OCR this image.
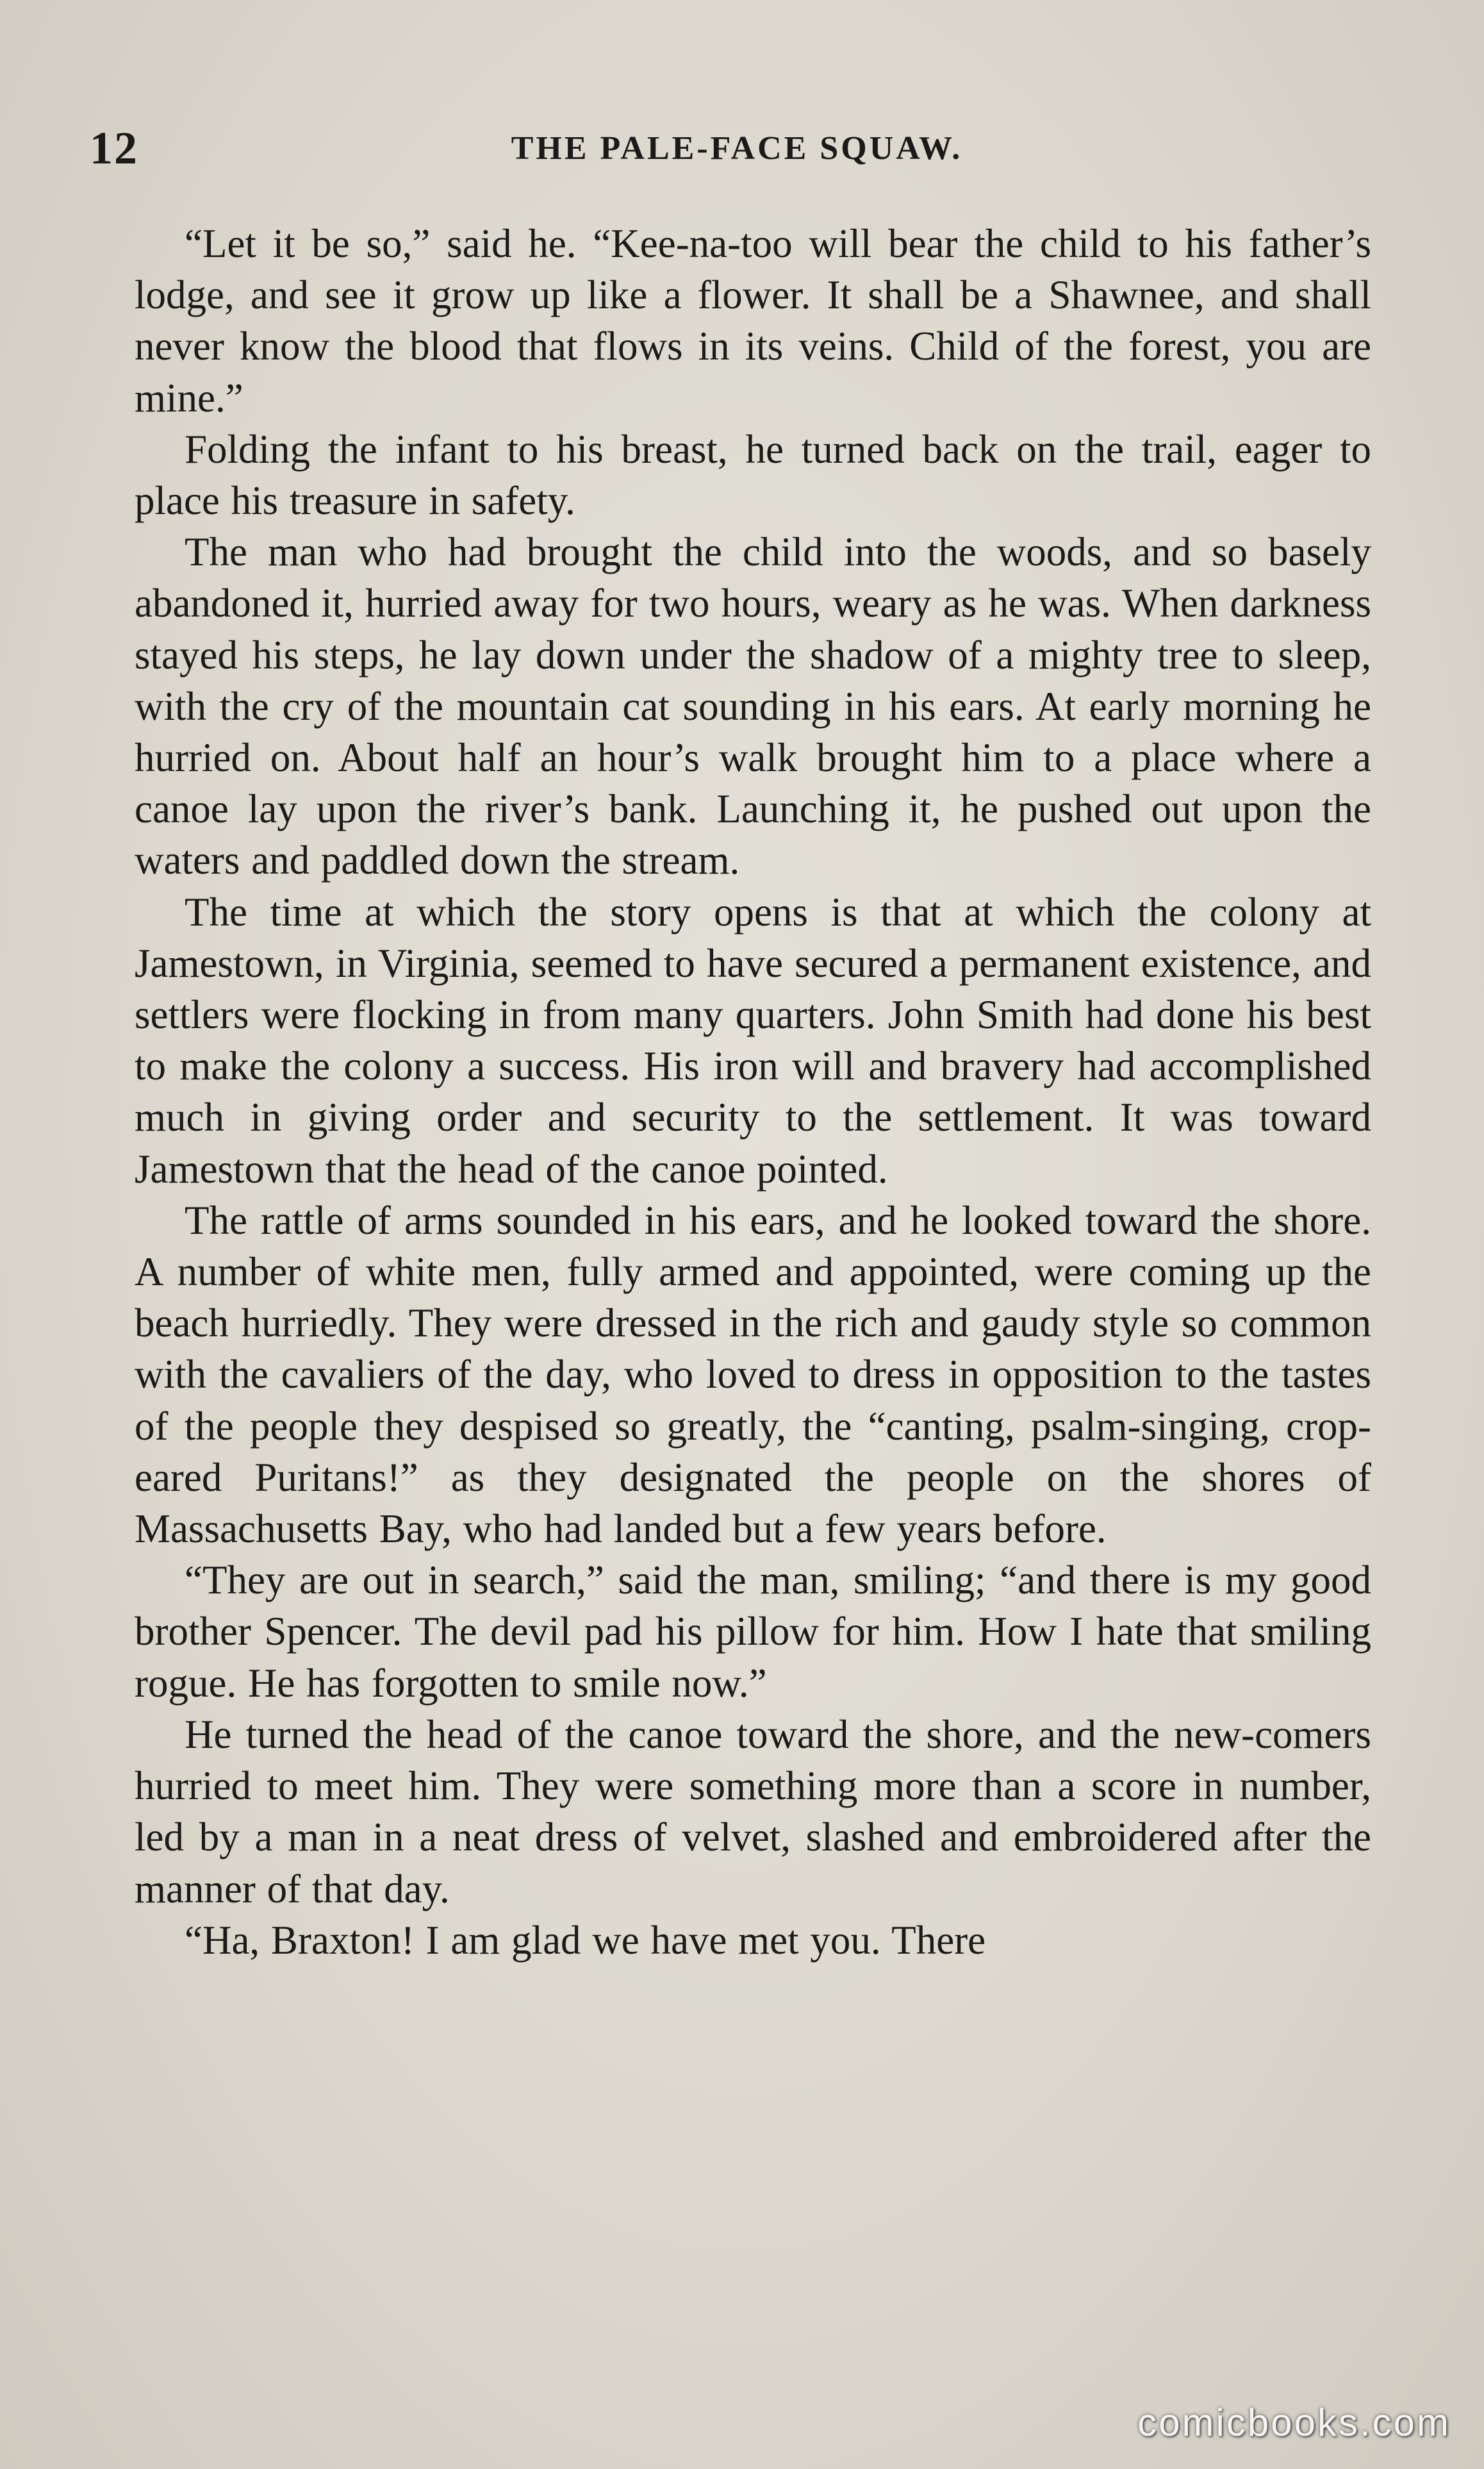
12	THE PALE-FACE SQUAW.

“Let it be so,” said he. “Kee-na-too will bear the child to his father’s lodge, and see it grow up like a flower. It shall be a Shawnee, and shall never know the blood that flows in its veins. Child of the forest, you are mine.”

Folding the infant to his breast, he turned back on the trail, eager to place his treasure in safety.

The man who had brought the child into the woods, and so basely abandoned it, hurried away for two hours, weary as he was. When darkness stayed his steps, he lay down under the shadow of a mighty tree to sleep, with the cry of the mountain cat sounding in his ears. At early morning he hurried on. About half an hour’s walk brought him to a place where a canoe lay upon the river’s bank. Launching it, he pushed out upon the waters and paddled down the stream.

The time at which the story opens is that at which the colony at Jamestown, in Virginia, seemed to have secured a permanent existence, and settlers were flocking in from many quarters. John Smith had done his best to make the colony a success. His iron will and bravery had accomplished much in giving order and security to the settlement. It was toward Jamestown that the head of the canoe pointed.

The rattle of arms sounded in his ears, and he looked toward the shore. A number of white men, fully armed and appointed, were coming up the beach hurriedly. They were dressed in the rich and gaudy style so common with the cavaliers of the day, who loved to dress in opposition to the tastes of the people they despised so greatly, the “canting, psalm-singing, crop-eared Puritans!” as they designated the people on the shores of Massachusetts Bay, who had landed but a few years before.

“They are out in search,” said the man, smiling; “and there is my good brother Spencer. The devil pad his pillow for him. How I hate that smiling rogue. He has forgotten to smile now.”

He turned the head of the canoe toward the shore, and the new-comers hurried to meet him. They were something more than a score in number, led by a man in a neat dress of velvet, slashed and embroidered after the manner of that day.

“Ha, Braxton! I am glad we have met you. There

comicbooks.com
